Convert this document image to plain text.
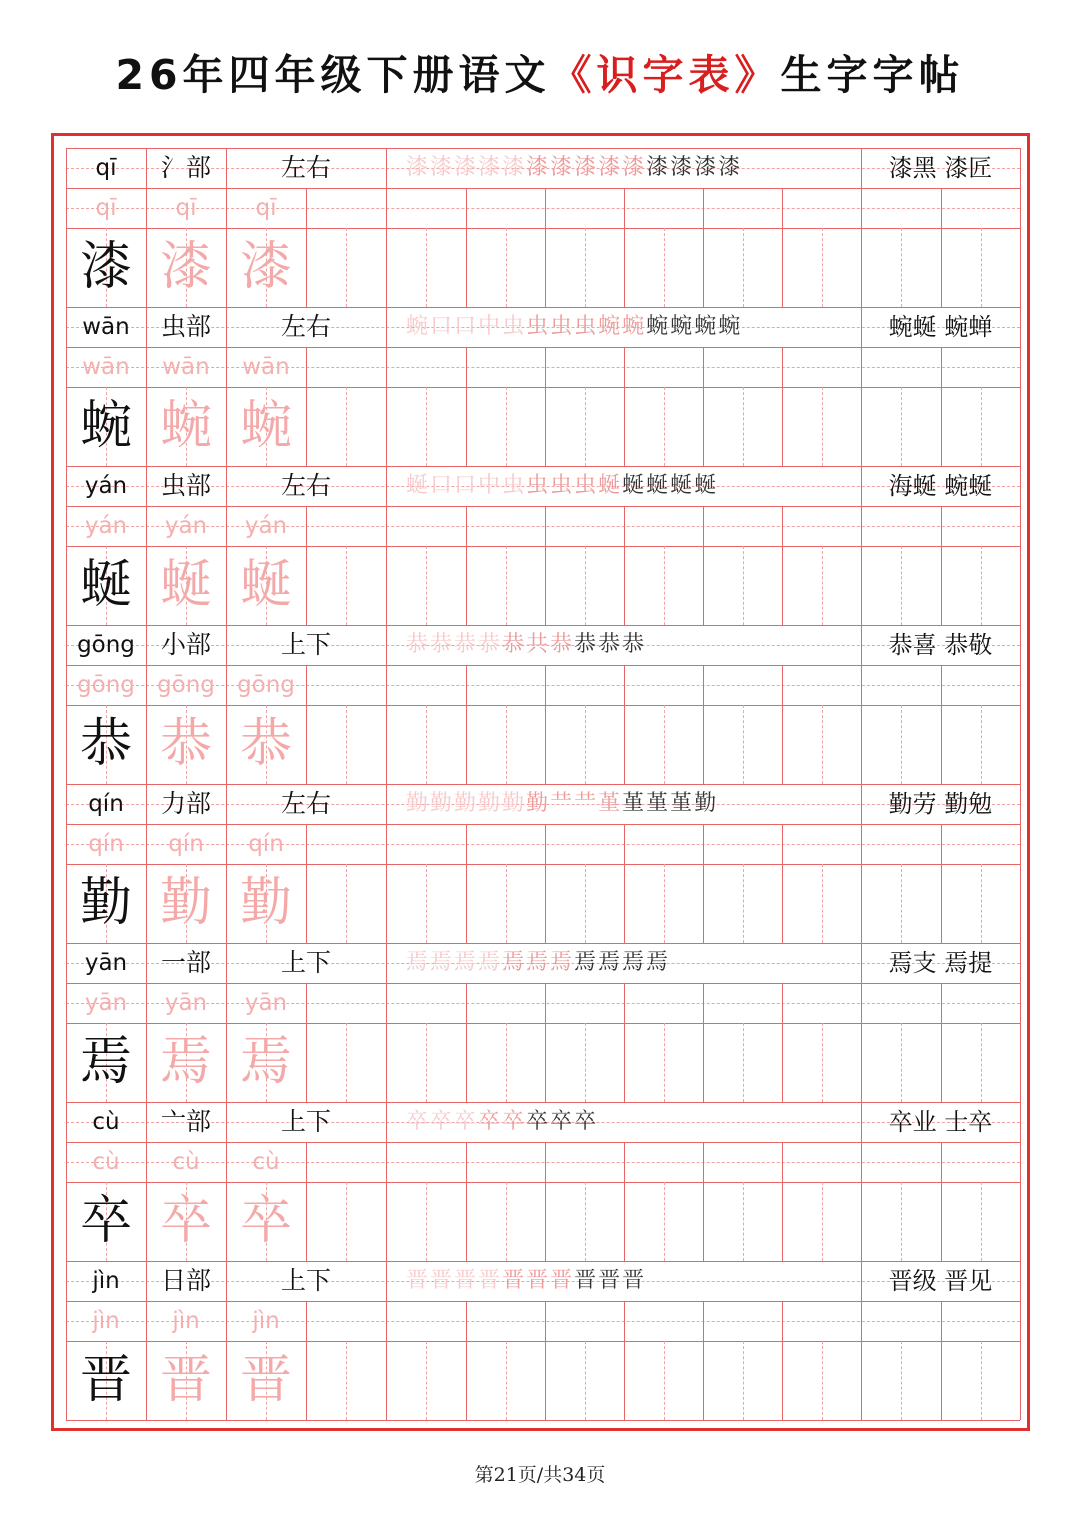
26年四年级下册语文《识字表》生字字帖
qī	氵部	左右	漆漆漆漆漆漆漆漆漆漆漆漆漆漆	漆黑 漆匠
qī	qī	qī
漆 漆 漆
wān	虫部	左右	蜿口口中虫虫虫虫蜿蜿蜿蜿蜿蜿	蜿蜒 蜿蝉
wān	wān	wān
蜿 蜿 蜿
yán	虫部	左右	蜒口口中虫虫虫虫蜒蜒蜒蜒蜒	海蜒 蜿蜒
yán	yán	yán
蜒 蜒 蜒
gōng	小部	上下	恭恭恭恭恭共恭恭恭恭	恭喜 恭敬
gōng gōng gōng
恭 恭 恭
qín	力部	左右	勤勤勤勤勤勤龷龷堇堇堇堇勤	勤劳 勤勉
qín	qín	qín
勤 勤 勤
yān	一部	上下	焉焉焉焉焉焉焉焉焉焉焉	焉支 焉提
yān	yān	yān
焉 焉 焉
cù	亠部	上下	卒卒卒卒卒卒卒卒	卒业 士卒
cù	cù	cù
卒 卒 卒
jìn	日部	上下	晋晋晋晋晋晋晋晋晋晋	晋级 晋见
jìn	jìn	jìn
晋 晋 晋
第21页/共34页
